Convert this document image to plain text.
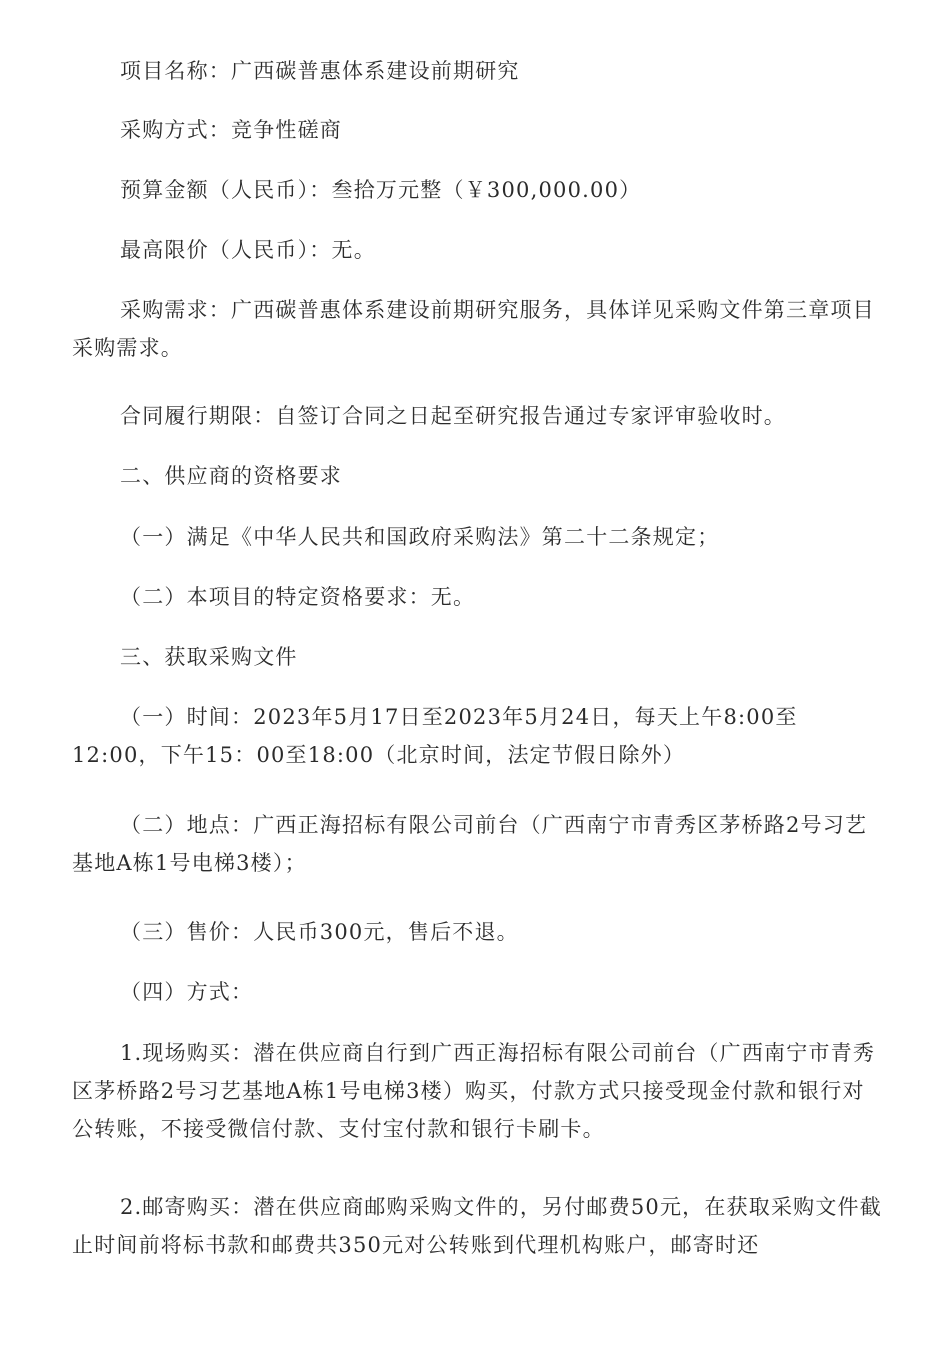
项目名称：广西碳普惠体系建设前期研究

采购方式：竞争性磋商

预算金额（人民币）：叁拾万元整（￥300,000.00）

最高限价（人民币）：无。

采购需求：广西碳普惠体系建设前期研究服务，具体详见采购文件第三章项目采购需求。

合同履行期限：自签订合同之日起至研究报告通过专家评审验收时。

二、供应商的资格要求

（一）满足《中华人民共和国政府采购法》第二十二条规定；

（二）本项目的特定资格要求：无。

三、获取采购文件

（一）时间：2023年5月17日至2023年5月24日，每天上午8:00至12:00，下午15：00至18:00（北京时间，法定节假日除外）

（二）地点：广西正海招标有限公司前台（广西南宁市青秀区茅桥路2号习艺基地A栋1号电梯3楼）；

（三）售价：人民币300元，售后不退。

（四）方式：

1.现场购买：潜在供应商自行到广西正海招标有限公司前台（广西南宁市青秀区茅桥路2号习艺基地A栋1号电梯3楼）购买，付款方式只接受现金付款和银行对公转账，不接受微信付款、支付宝付款和银行卡刷卡。

2.邮寄购买：潜在供应商邮购采购文件的，另付邮费50元，在获取采购文件截止时间前将标书款和邮费共350元对公转账到代理机构账户，邮寄时还
